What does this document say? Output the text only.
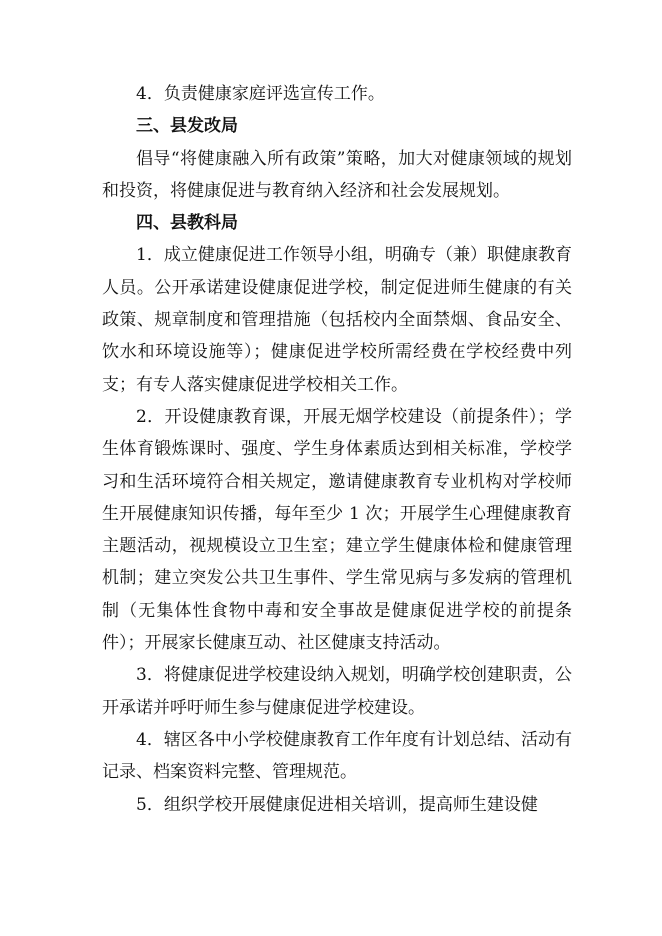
4．负责健康家庭评选宣传工作。
三、县发改局
倡导“将健康融入所有政策”策略，加大对健康领域的规划和投资，将健康促进与教育纳入经济和社会发展规划。
四、县教科局
1．成立健康促进工作领导小组，明确专（兼）职健康教育人员。公开承诺建设健康促进学校，制定促进师生健康的有关政策、规章制度和管理措施（包括校内全面禁烟、食品安全、饮水和环境设施等）；健康促进学校所需经费在学校经费中列支；有专人落实健康促进学校相关工作。
2．开设健康教育课，开展无烟学校建设（前提条件）；学生体育锻炼课时、强度、学生身体素质达到相关标准，学校学习和生活环境符合相关规定，邀请健康教育专业机构对学校师生开展健康知识传播，每年至少 1 次；开展学生心理健康教育主题活动，视规模设立卫生室；建立学生健康体检和健康管理机制；建立突发公共卫生事件、学生常见病与多发病的管理机制（无集体性食物中毒和安全事故是健康促进学校的前提条件）；开展家长健康互动、社区健康支持活动。
3．将健康促进学校建设纳入规划，明确学校创建职责，公开承诺并呼吁师生参与健康促进学校建设。
4．辖区各中小学校健康教育工作年度有计划总结、活动有记录、档案资料完整、管理规范。
5．组织学校开展健康促进相关培训，提高师生建设健
